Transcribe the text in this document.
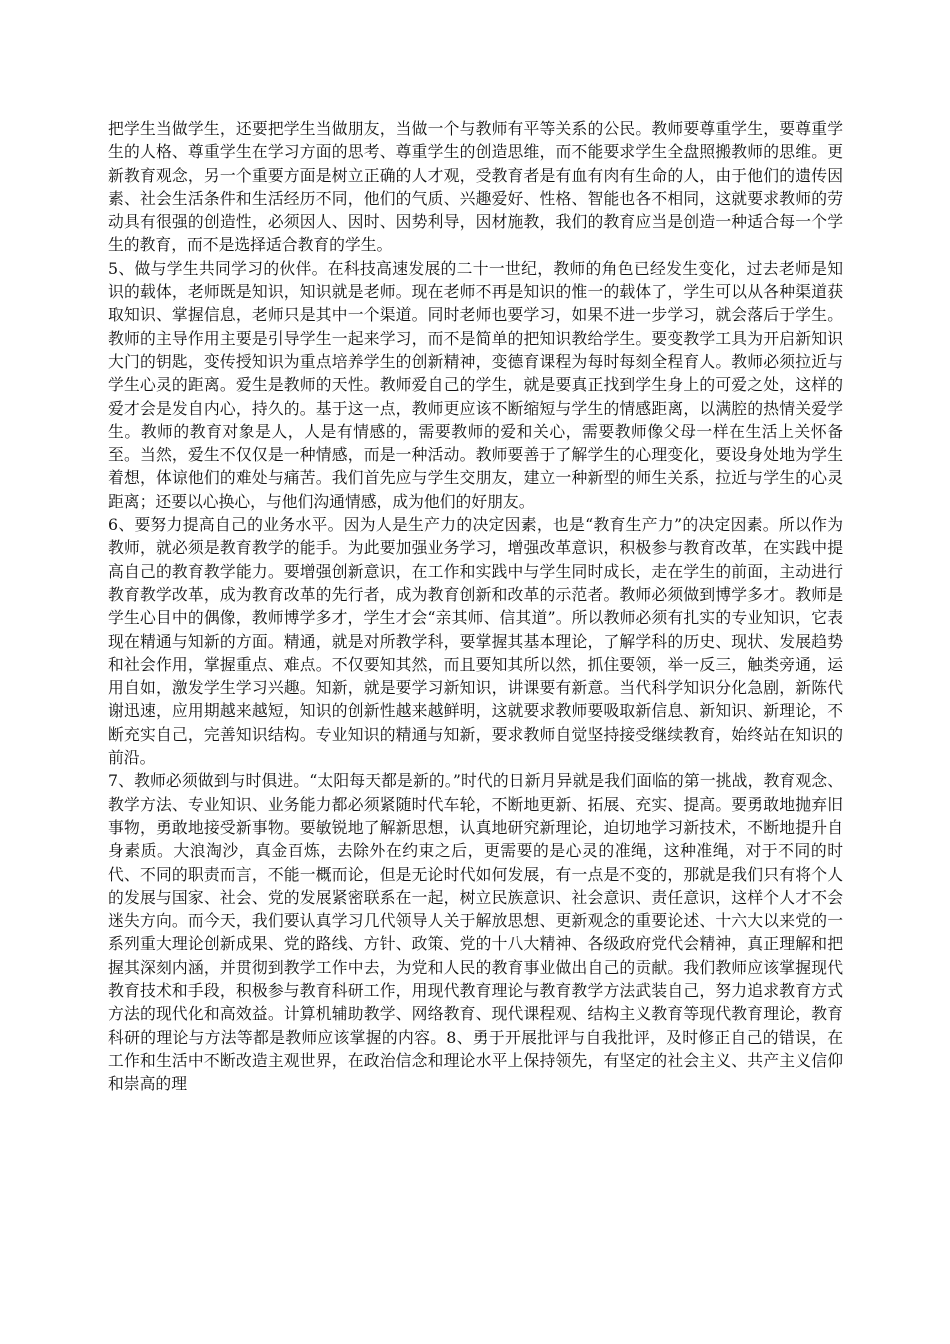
把学生当做学生，还要把学生当做朋友，当做一个与教师有平等关系的公民。教师要尊重学生，要尊重学生的人格、尊重学生在学习方面的思考、尊重学生的创造思维，而不能要求学生全盘照搬教师的思维。更新教育观念，另一个重要方面是树立正确的人才观，受教育者是有血有肉有生命的人，由于他们的遗传因素、社会生活条件和生活经历不同，他们的气质、兴趣爱好、性格、智能也各不相同，这就要求教师的劳动具有很强的创造性，必须因人、因时、因势利导，因材施教，我们的教育应当是创造一种适合每一个学生的教育，而不是选择适合教育的学生。

5、做与学生共同学习的伙伴。在科技高速发展的二十一世纪，教师的角色已经发生变化，过去老师是知识的载体，老师既是知识，知识就是老师。现在老师不再是知识的惟一的载体了，学生可以从各种渠道获取知识、掌握信息，老师只是其中一个渠道。同时老师也要学习，如果不进一步学习，就会落后于学生。教师的主导作用主要是引导学生一起来学习，而不是简单的把知识教给学生。要变教学工具为开启新知识大门的钥匙，变传授知识为重点培养学生的创新精神，变德育课程为每时每刻全程育人。教师必须拉近与学生心灵的距离。爱生是教师的天性。教师爱自己的学生，就是要真正找到学生身上的可爱之处，这样的爱才会是发自内心，持久的。基于这一点，教师更应该不断缩短与学生的情感距离，以满腔的热情关爱学生。教师的教育对象是人，人是有情感的，需要教师的爱和关心，需要教师像父母一样在生活上关怀备至。当然，爱生不仅仅是一种情感，而是一种活动。教师要善于了解学生的心理变化，要设身处地为学生着想，体谅他们的难处与痛苦。我们首先应与学生交朋友，建立一种新型的师生关系，拉近与学生的心灵距离；还要以心换心，与他们沟通情感，成为他们的好朋友。

6、要努力提高自己的业务水平。因为人是生产力的决定因素，也是“教育生产力”的决定因素。所以作为教师，就必须是教育教学的能手。为此要加强业务学习，增强改革意识，积极参与教育改革，在实践中提高自己的教育教学能力。要增强创新意识，在工作和实践中与学生同时成长，走在学生的前面，主动进行教育教学改革，成为教育改革的先行者，成为教育创新和改革的示范者。教师必须做到博学多才。教师是学生心目中的偶像，教师博学多才，学生才会“亲其师、信其道”。所以教师必须有扎实的专业知识，它表现在精通与知新的方面。精通，就是对所教学科，要掌握其基本理论，了解学科的历史、现状、发展趋势和社会作用，掌握重点、难点。不仅要知其然，而且要知其所以然，抓住要领，举一反三，触类旁通，运用自如，激发学生学习兴趣。知新，就是要学习新知识，讲课要有新意。当代科学知识分化急剧，新陈代谢迅速，应用期越来越短，知识的创新性越来越鲜明，这就要求教师要吸取新信息、新知识、新理论，不断充实自己，完善知识结构。专业知识的精通与知新，要求教师自觉坚持接受继续教育，始终站在知识的前沿。

7、教师必须做到与时俱进。“太阳每天都是新的。”时代的日新月异就是我们面临的第一挑战，教育观念、教学方法、专业知识、业务能力都必须紧随时代车轮，不断地更新、拓展、充实、提高。要勇敢地抛弃旧事物，勇敢地接受新事物。要敏锐地了解新思想，认真地研究新理论，迫切地学习新技术，不断地提升自身素质。大浪淘沙，真金百炼，去除外在约束之后，更需要的是心灵的准绳，这种准绳，对于不同的时代、不同的职责而言，不能一概而论，但是无论时代如何发展，有一点是不变的，那就是我们只有将个人的发展与国家、社会、党的发展紧密联系在一起，树立民族意识、社会意识、责任意识，这样个人才不会迷失方向。而今天，我们要认真学习几代领导人关于解放思想、更新观念的重要论述、十六大以来党的一系列重大理论创新成果、党的路线、方针、政策、党的十八大精神、各级政府党代会精神，真正理解和把握其深刻内涵，并贯彻到教学工作中去，为党和人民的教育事业做出自己的贡献。我们教师应该掌握现代教育技术和手段，积极参与教育科研工作，用现代教育理论与教育教学方法武装自己，努力追求教育方式方法的现代化和高效益。计算机辅助教学、网络教育、现代课程观、结构主义教育等现代教育理论，教育科研的理论与方法等都是教师应该掌握的内容。8、勇于开展批评与自我批评，及时修正自己的错误，在工作和生活中不断改造主观世界，在政治信念和理论水平上保持领先，有坚定的社会主义、共产主义信仰和崇高的理
